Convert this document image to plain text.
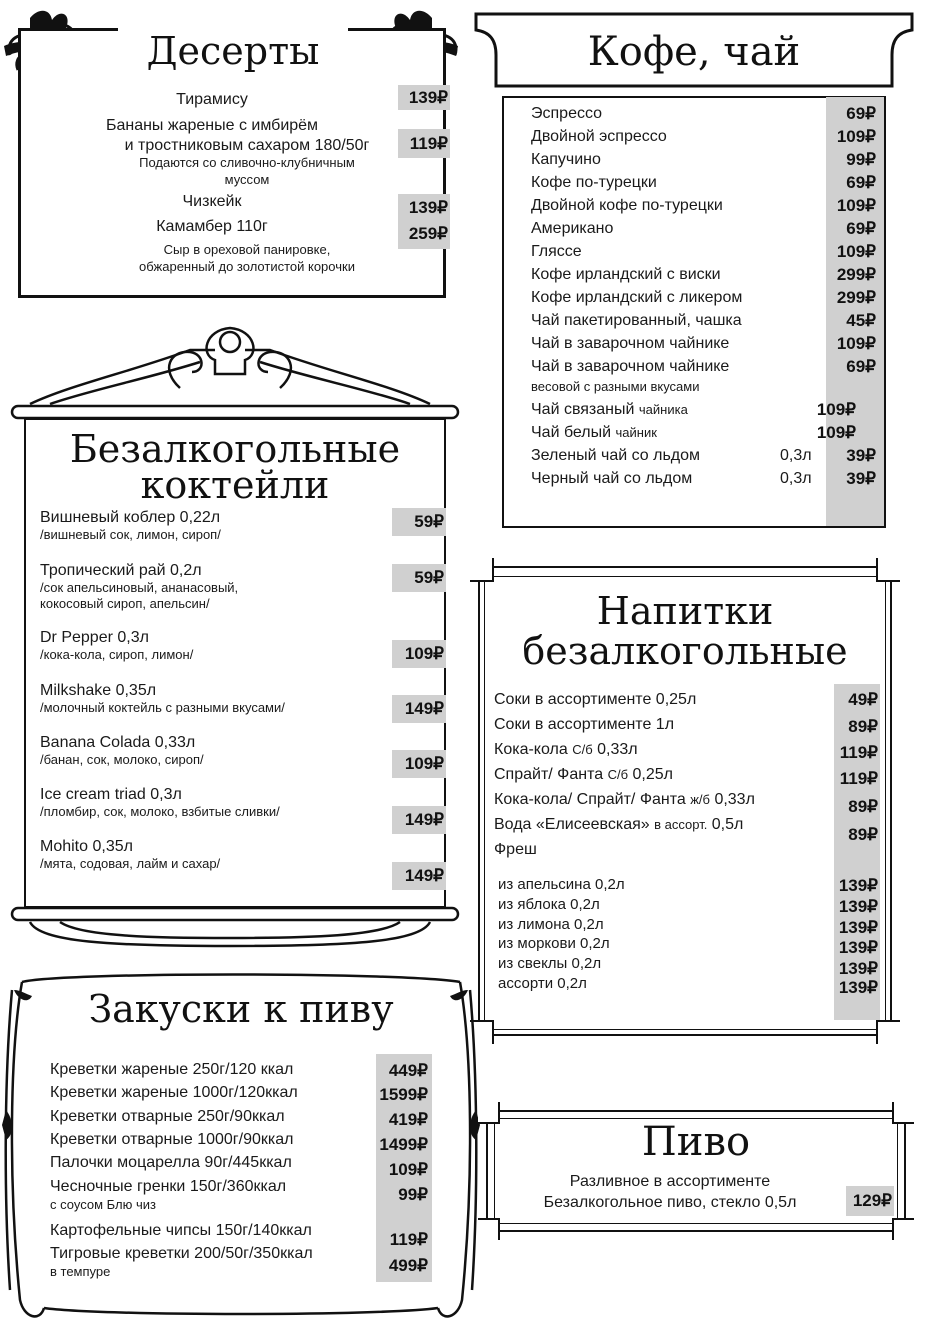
Десерты
Тирамису	139₽
Бананы жареные с имбирём
и тростниковым сахаром 180/50г
Подаются со сливочно-клубничным
муссом
119₽
Чизкейк	139₽
Камамбер 110г
Сыр в ореховой панировке,
обжаренный до золотистой корочки
259₽
Кофе, чай
Эспрессо	69₽
Двойной эспрессо	109₽
Капучино	99₽
Кофе по-турецки	69₽
Двойной кофе по-турецки	109₽
Американо	69₽
Гляссе	109₽
Кофе ирландский с виски	299₽
Кофе ирландский с ликером	299₽
Чай пакетированный, чашка	45₽
Чай в заварочном чайнике	109₽
Чай в заварочном чайнике
весовой с разными вкусами
69₽
Чай связаный чайника	109₽
Чай белый чайник	109₽
Зеленый чай со льдом	0,3л	39₽
Черный чай со льдом	0,3л	39₽
Безалкогольные
коктейли
Вишневый коблер 0,22л
/вишневый сок, лимон, сироп/
59₽
Тропический рай 0,2л
/сок апельсиновый, ананасовый,
кокосовый сироп, апельсин/
59₽
Dr Pepper 0,3л
/кока-кола, сироп, лимон/	109₽
Milkshake 0,35л
/молочный коктейль с разными вкусами/	149₽
Banana Colada 0,33л
/банан, сок, молоко, сироп/	109₽
Ice cream triad 0,3л
/пломбир, сок, молоко, взбитые сливки/	149₽
Mohito 0,35л
/мята, содовая, лайм и сахар/
149₽
Напитки
безалкогольные
Соки в ассортименте 0,25л	49₽
Соки в ассортименте 1л	89₽
Кока-кола С/б 0,33л	119₽
Спрайт/ Фанта С/б 0,25л	119₽
Кока-кола/ Спрайт/ Фанта ж/б 0,33л	89₽
Вода «Елисеевская» в ассорт. 0,5л
89₽
Фреш
из апельсина 0,2л	139₽
из яблока 0,2л	139₽
из лимона 0,2л	139₽
из моркови 0,2л	139₽
из свеклы 0,2л	139₽
ассорти 0,2л	139₽
Закуски к пиву
Креветки жареные 250г/120 ккал	449₽
Креветки жареные 1000г/120ккал	1599₽
Креветки отварные 250г/90ккал	419₽
Креветки отварные 1000г/90ккал	1499₽
Палочки моцарелла 90г/445ккал	109₽
Чесночные гренки 150г/360ккал
с соусом Блю чиз
99₽
Картофельные чипсы 150г/140ккал	119₽
Тигровые креветки 200/50г/350ккал
в темпуре	499₽
Пиво
Разливное в ассортименте
Безалкогольное пиво, стекло 0,5л	129₽
